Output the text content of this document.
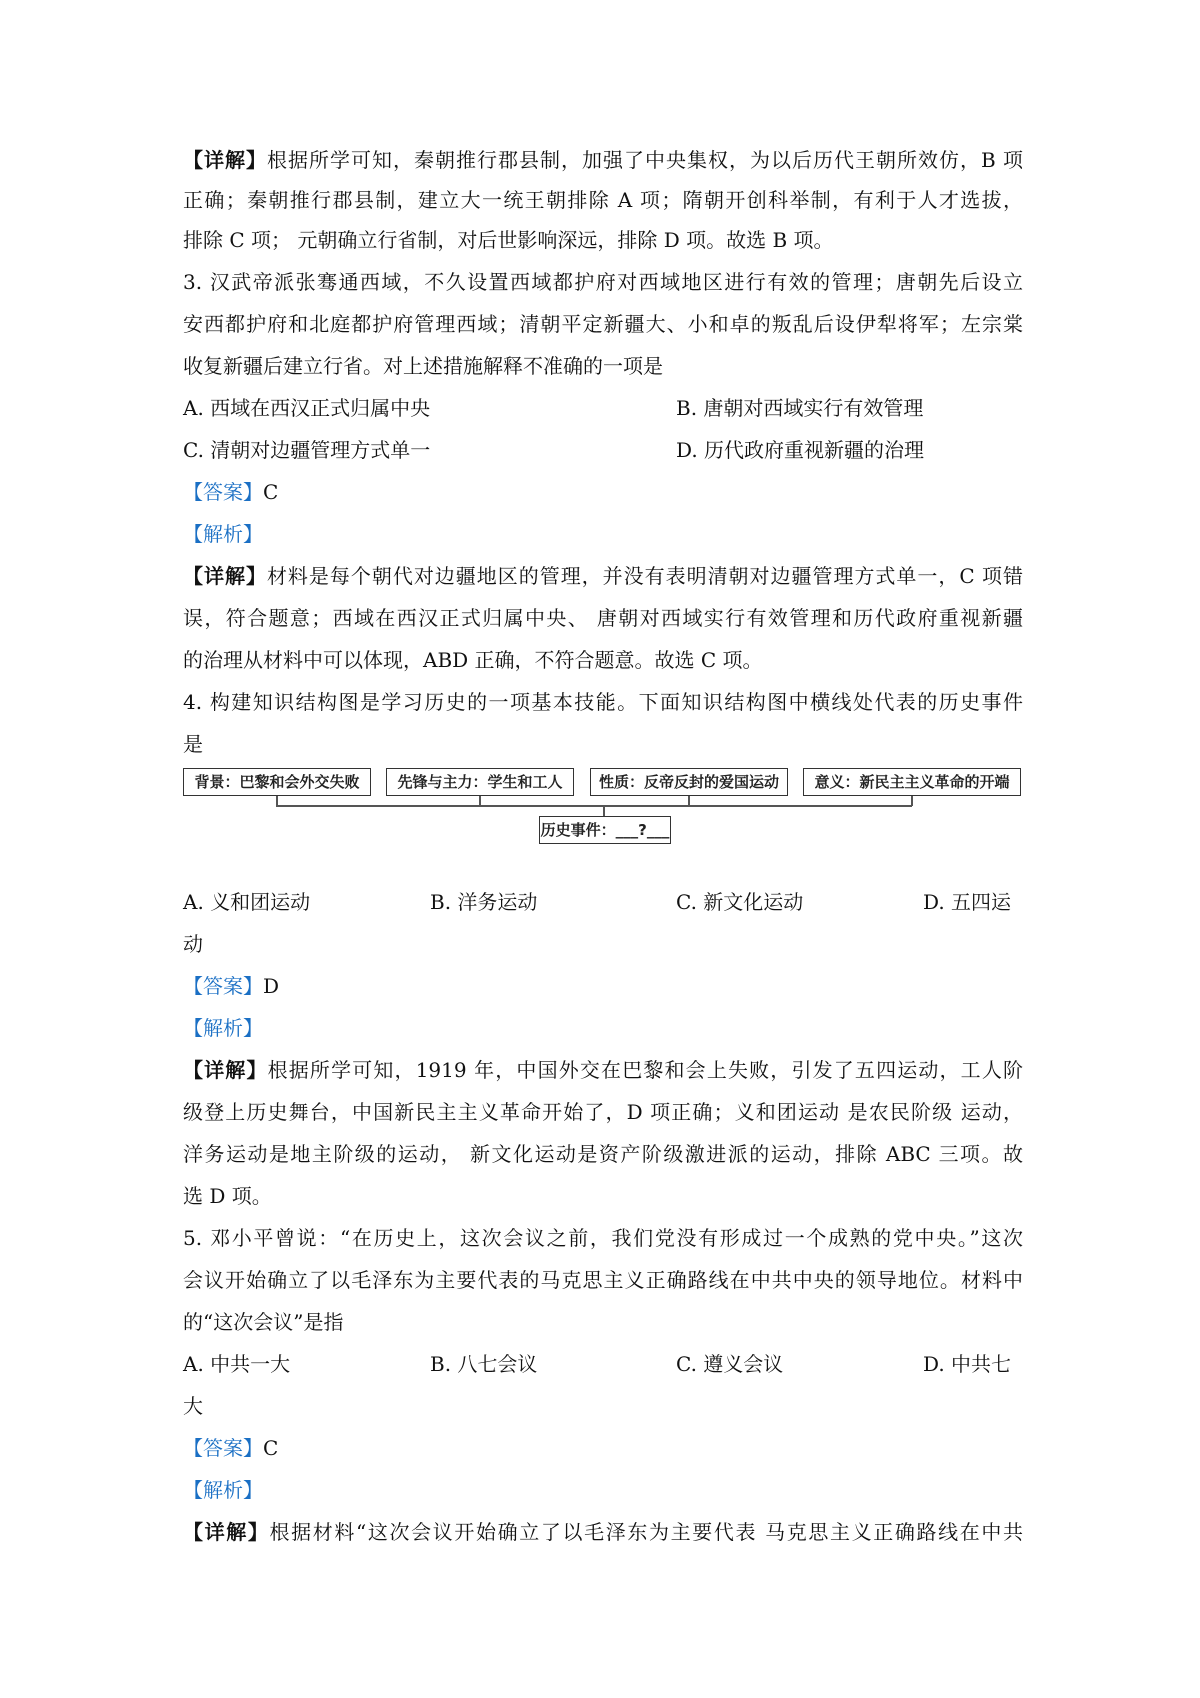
【详解】根据所学可知，秦朝推行郡县制，加强了中央集权，为以后历代王朝所效仿，B 项
正确；秦朝推行郡县制，建立大一统王朝排除 A 项；隋朝开创科举制，有利于人才选拔，
排除 C 项； 元朝确立行省制，对后世影响深远，排除 D 项。故选 B 项。
3. 汉武帝派张骞通西域，不久设置西域都护府对西域地区进行有效的管理；唐朝先后设立
安西都护府和北庭都护府管理西域；清朝平定新疆大、小和卓的叛乱后设伊犁将军；左宗棠
收复新疆后建立行省。对上述措施解释不准确的一项是
A. 西域在西汉正式归属中央	B. 唐朝对西域实行有效管理
C. 清朝对边疆管理方式单一	D. 历代政府重视新疆的治理
【答案】C
【解析】
【详解】材料是每个朝代对边疆地区的管理，并没有表明清朝对边疆管理方式单一，C 项错
误，符合题意；西域在西汉正式归属中央、 唐朝对西域实行有效管理和历代政府重视新疆
的治理从材料中可以体现，ABD 正确，不符合题意。故选 C 项。
4. 构建知识结构图是学习历史的一项基本技能。下面知识结构图中横线处代表的历史事件
是
背景：巴黎和会外交失败	先锋与主力：学生和工人	性质：反帝反封的爱国运动	意义：新民主主义革命的开端
历史事件：___?___
A. 义和团运动	B. 洋务运动	C. 新文化运动	D. 五四运
动
【答案】D
【解析】
【详解】根据所学可知，1919 年，中国外交在巴黎和会上失败，引发了五四运动，工人阶
级登上历史舞台，中国新民主主义革命开始了，D 项正确；义和团运动 是农民阶级 运动，
洋务运动是地主阶级的运动， 新文化运动是资产阶级激进派的运动，排除 ABC 三项。故
选 D 项。
5. 邓小平曾说：“在历史上，这次会议之前，我们党没有形成过一个成熟的党中央。”这次
会议开始确立了以毛泽东为主要代表的马克思主义正确路线在中共中央的领导地位。材料中
的“这次会议”是指
A. 中共一大	B. 八七会议	C. 遵义会议	D. 中共七
大
【答案】C
【解析】
【详解】根据材料“这次会议开始确立了以毛泽东为主要代表 马克思主义正确路线在中共
